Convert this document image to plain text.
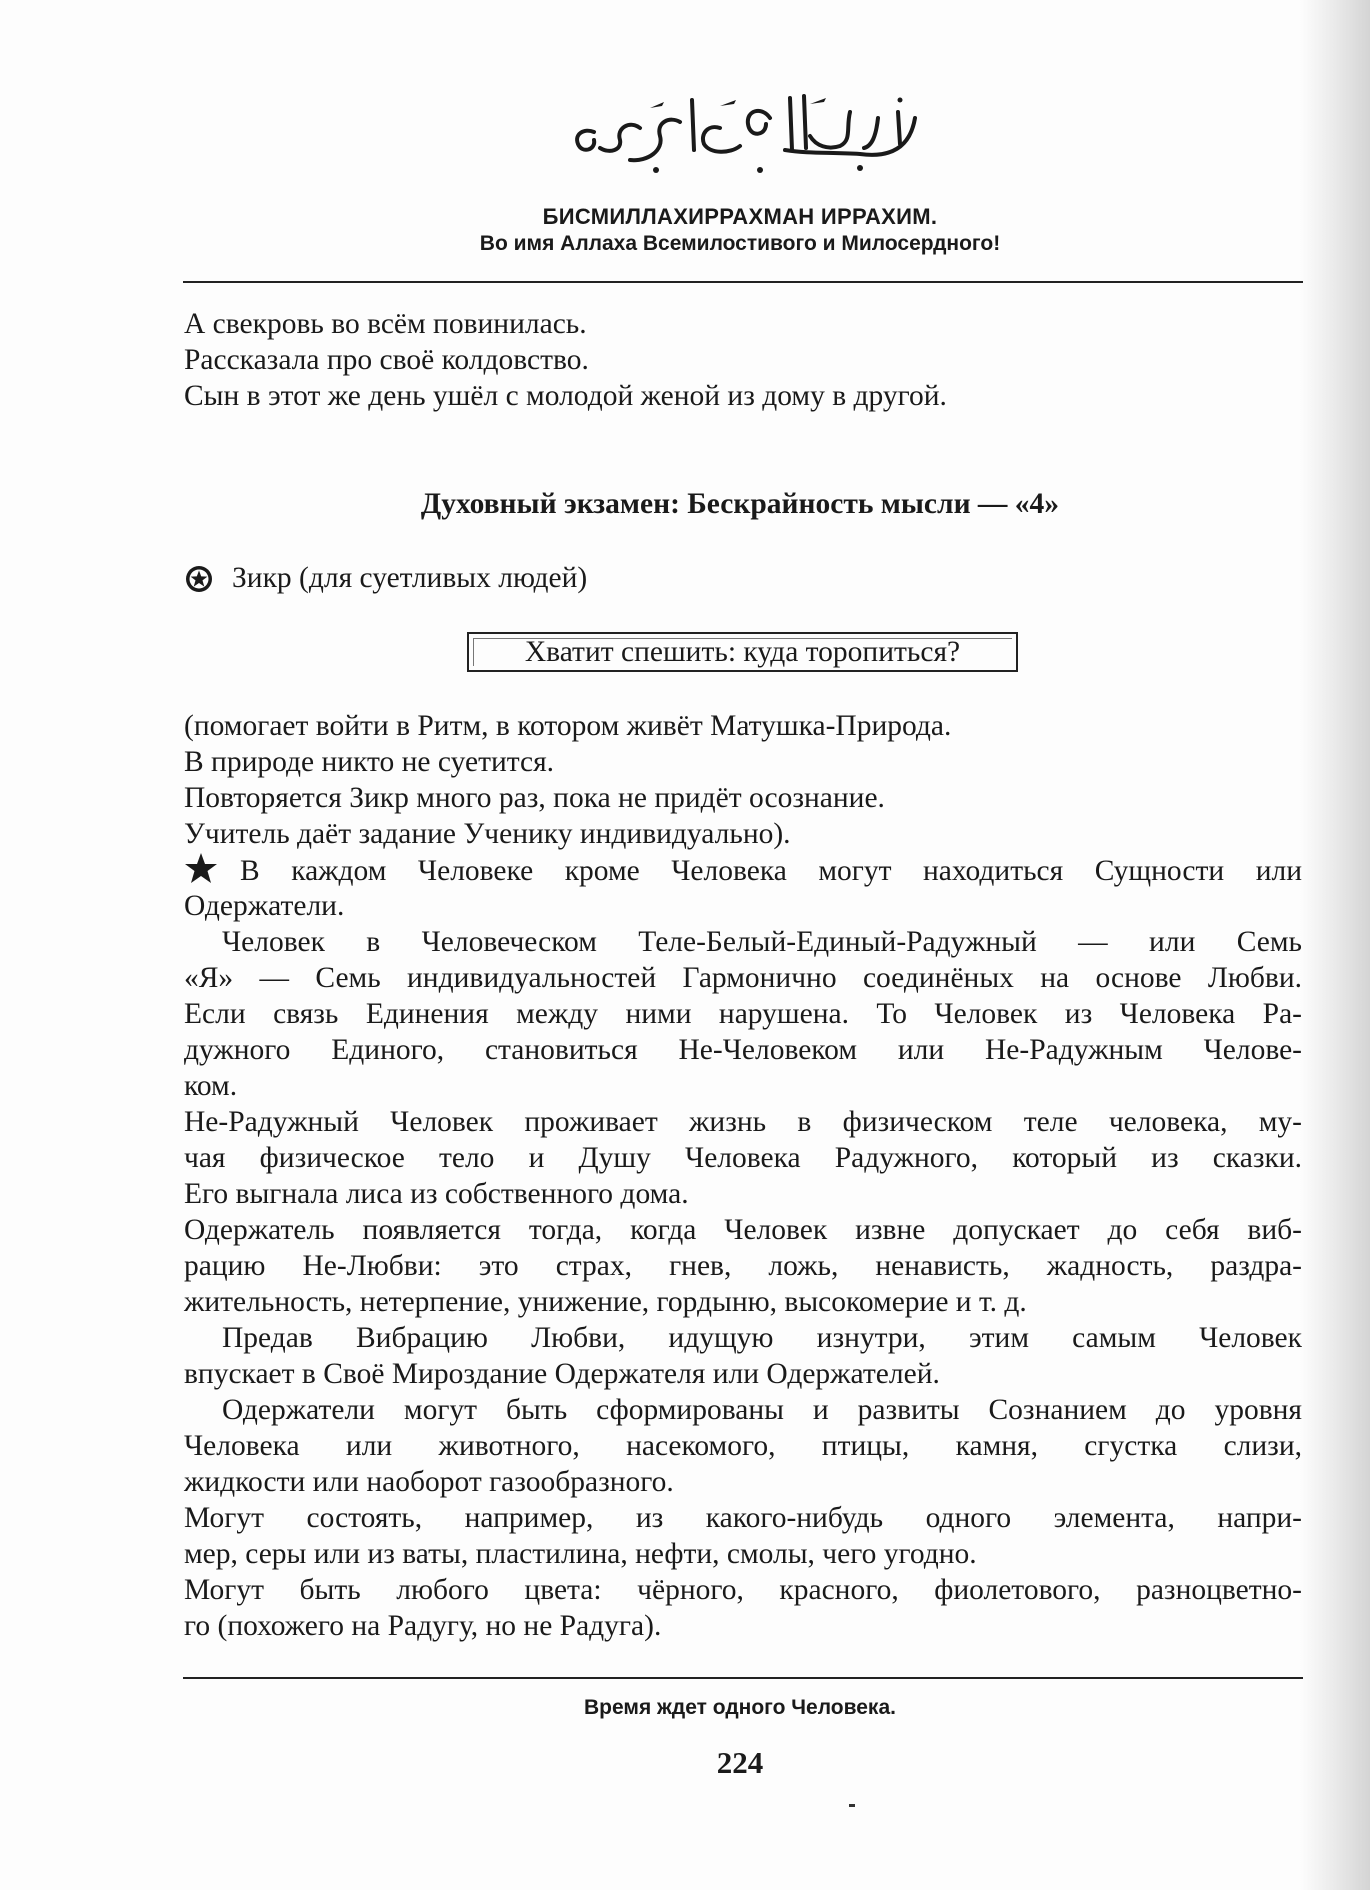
БИСМИЛЛАХИРРАХМАН ИРРАХИМ.
Во имя Аллаха Всемилостивого и Милосердного!
А свекровь во всём повинилась.
Рассказала про своё колдовство.
Сын в этот же день ушёл с молодой женой из дому в другой.
Духовный экзамен: Бескрайность мысли — «4»
Зикр (для суетливых людей)
Хватит спешить: куда торопиться?
(помогает войти в Ритм, в котором живёт Матушка-Природа.
В природе никто не суетится.
Повторяется Зикр много раз, пока не придёт осознание.
Учитель даёт задание Ученику индивидуально).
В каждом Человеке кроме Человека могут находиться Сущности или
Одержатели.
Человек в Человеческом Теле-Белый-Единый-Радужный — или Семь
«Я» — Семь индивидуальностей Гармонично соединёных на основе Любви.
Если связь Единения между ними нарушена. То Человек из Человека Ра-
дужного Единого, становиться Не-Человеком или Не-Радужным Челове-
ком.
Не-Радужный Человек проживает жизнь в физическом теле человека, му-
чая физическое тело и Душу Человека Радужного, который из сказки.
Его выгнала лиса из собственного дома.
Одержатель появляется тогда, когда Человек извне допускает до себя виб-
рацию Не-Любви: это страх, гнев, ложь, ненависть, жадность, раздра-
жительность, нетерпение, унижение, гордыню, высокомерие и т. д.
Предав Вибрацию Любви, идущую изнутри, этим самым Человек
впускает в Своё Мироздание Одержателя или Одержателей.
Одержатели могут быть сформированы и развиты Сознанием до уровня
Человека или животного, насекомого, птицы, камня, сгустка слизи,
жидкости или наоборот газообразного.
Могут состоять, например, из какого-нибудь одного элемента, напри-
мер, серы или из ваты, пластилина, нефти, смолы, чего угодно.
Могут быть любого цвета: чёрного, красного, фиолетового, разноцветно-
го (похожего на Радугу, но не Радуга).
Время ждет одного Человека.
224
